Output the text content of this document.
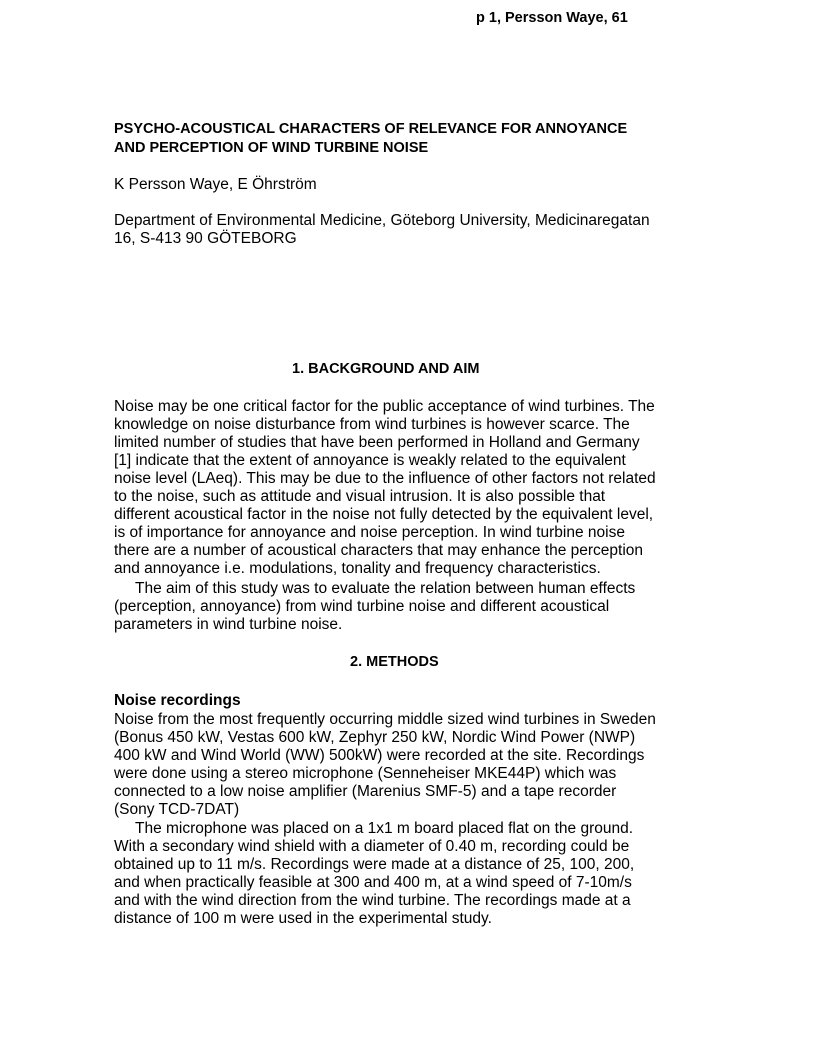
p 1, Persson Waye, 61
PSYCHO-ACOUSTICAL CHARACTERS OF RELEVANCE FOR ANNOYANCE
AND PERCEPTION OF WIND TURBINE NOISE
K Persson Waye, E Öhrström
Department of Environmental Medicine, Göteborg University, Medicinaregatan
16, S-413 90 GÖTEBORG
1. BACKGROUND AND AIM
Noise may be one critical factor for the public acceptance of wind turbines. The
knowledge on noise disturbance from wind turbines is however scarce. The
limited number of studies that have been performed in Holland and Germany
[1] indicate that the extent of annoyance is weakly related to the equivalent
noise level (LAeq). This may be due to the influence of other factors not related
to the noise, such as attitude and visual intrusion. It is also possible that
different acoustical factor in the noise not fully detected by the equivalent level,
is of importance for annoyance and noise perception. In wind turbine noise
there are a number of acoustical characters that may enhance the perception
and annoyance i.e. modulations, tonality and frequency characteristics.
The aim of this study was to evaluate the relation between human effects
(perception, annoyance) from wind turbine noise and different acoustical
parameters in wind turbine noise.
2. METHODS
Noise recordings
Noise from the most frequently occurring middle sized wind turbines in Sweden
(Bonus 450 kW, Vestas 600 kW, Zephyr 250 kW, Nordic Wind Power (NWP)
400 kW and Wind World (WW) 500kW) were recorded at the site. Recordings
were done using a stereo microphone (Senneheiser MKE44P) which was
connected to a low noise amplifier (Marenius SMF-5) and a tape recorder
(Sony TCD-7DAT)
The microphone was placed on a 1x1 m board placed flat on the ground.
With a secondary wind shield with a diameter of 0.40 m, recording could be
obtained up to 11 m/s. Recordings were made at a distance of 25, 100, 200,
and when practically feasible at 300 and 400 m, at a wind speed of 7-10m/s
and with the wind direction from the wind turbine. The recordings made at a
distance of 100 m were used in the experimental study.
